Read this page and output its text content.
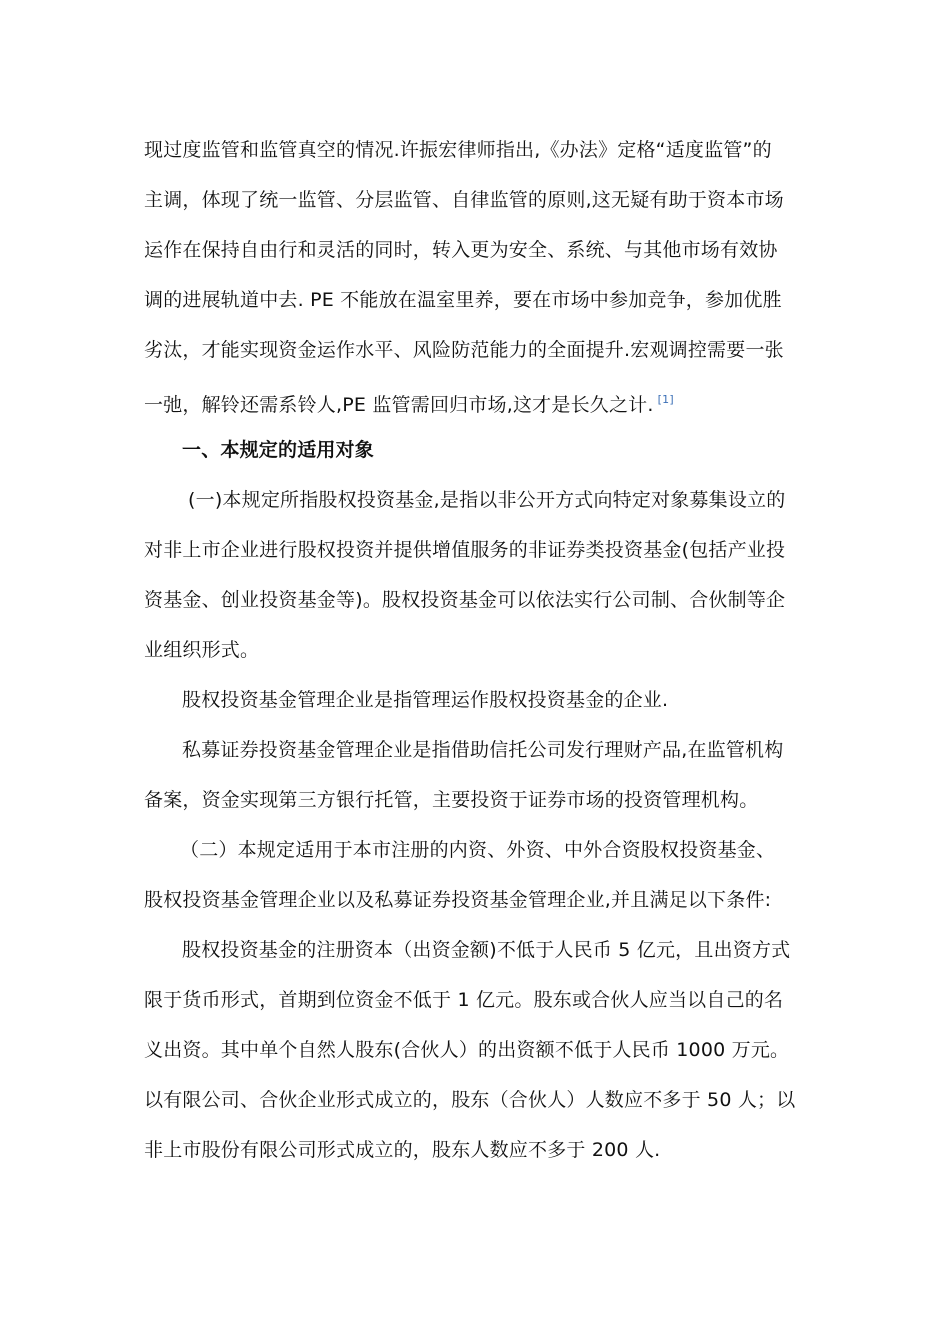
现过度监管和监管真空的情况.许振宏律师指出,《办法》定格“适度监管”的
主调，体现了统一监管、分层监管、自律监管的原则,这无疑有助于资本市场
运作在保持自由行和灵活的同时，转入更为安全、系统、与其他市场有效协
调的进展轨道中去. PE 不能放在温室里养，要在市场中参加竞争，参加优胜
劣汰，才能实现资金运作水平、风险防范能力的全面提升.宏观调控需要一张
一弛，解铃还需系铃人,PE 监管需回归市场,这才是长久之计. [1]
一、本规定的适用对象
(一)本规定所指股权投资基金,是指以非公开方式向特定对象募集设立的
对非上市企业进行股权投资并提供增值服务的非证券类投资基金(包括产业投
资基金、创业投资基金等)。股权投资基金可以依法实行公司制、合伙制等企
业组织形式。
股权投资基金管理企业是指管理运作股权投资基金的企业.
私募证券投资基金管理企业是指借助信托公司发行理财产品,在监管机构
备案，资金实现第三方银行托管，主要投资于证券市场的投资管理机构。
（二）本规定适用于本市注册的内资、外资、中外合资股权投资基金、
股权投资基金管理企业以及私募证券投资基金管理企业,并且满足以下条件:
股权投资基金的注册资本（出资金额)不低于人民币 5 亿元，且出资方式
限于货币形式，首期到位资金不低于 1 亿元。股东或合伙人应当以自己的名
义出资。其中单个自然人股东(合伙人）的出资额不低于人民币 1000 万元。
以有限公司、合伙企业形式成立的，股东（合伙人）人数应不多于 50 人；以
非上市股份有限公司形式成立的，股东人数应不多于 200 人.
